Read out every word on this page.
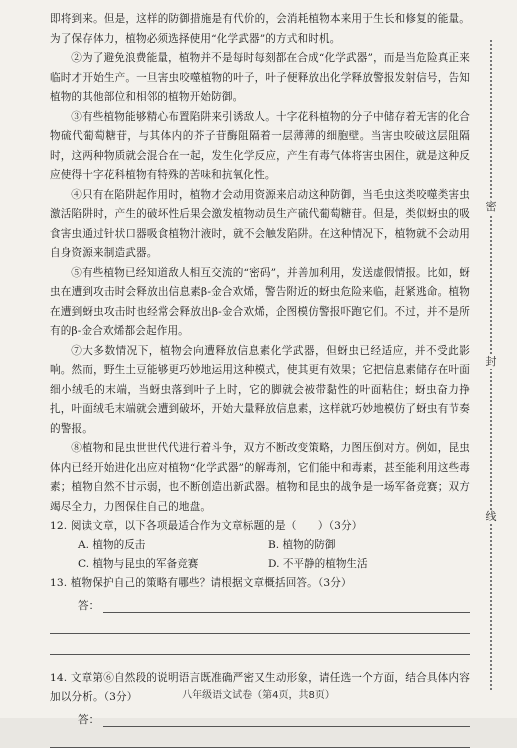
即将到来。但是，这样的防御措施是有代价的，会消耗植物本来用于生长和修复的能量。为了保存体力，植物必须选择使用“化学武器”的方式和时机。

②为了避免浪费能量，植物并不是每时每刻都在合成“化学武器”，而是当危险真正来临时才开始生产。一旦害虫咬噬植物的叶子，叶子便释放出化学释放警报发射信号，告知植物的其他部位和相邻的植物开始防御。

③有些植物能够精心布置陷阱来引诱敌人。十字花科植物的分子中储存着无害的化合物硫代葡萄糖苷，与其体内的芥子苷酶阻隔着一层薄薄的细胞壁。当害虫咬破这层阻隔时，这两种物质就会混合在一起，发生化学反应，产生有毒气体将害虫困住，就是这种反应使得十字花科植物有特殊的苦味和抗氧化性。

④只有在陷阱起作用时，植物才会动用资源来启动这种防御，当毛虫这类咬噬类害虫激活陷阱时，产生的破坏性后果会激发植物动员生产硫代葡萄糖苷。但是，类似蚜虫的吸食害虫通过针状口器吸食植物汁液时，就不会触发陷阱。在这种情况下，植物就不会动用自身资源来制造武器。

⑤有些植物已经知道敌人相互交流的“密码”，并善加利用，发送虚假情报。比如，蚜虫在遭到攻击时会释放出信息素β-金合欢烯，警告附近的蚜虫危险来临，赶紧逃命。植物在遭到蚜虫攻击时也经常会释放出β-金合欢烯，企图模仿警报吓跑它们。不过，并不是所有的β-金合欢烯都会起作用。

⑦大多数情况下，植物会向遭释放信息素化学武器，但蚜虫已经适应，并不受此影响。然而，野生土豆能够更巧妙地运用这种模式，使其更有效果；它把信息素储存在叶面细小绒毛的末端，当蚜虫落到叶子上时，它的脚就会被带黏性的叶面粘住；蚜虫奋力挣扎，叶面绒毛末端就会遭到破坏，开始大量释放信息素，这样就巧妙地模仿了蚜虫有节奏的警报。

⑧植物和昆虫世世代代进行着斗争，双方不断改变策略，力图压倒对方。例如，昆虫体内已经开始进化出应对植物“化学武器”的解毒剂，它们能中和毒素，甚至能利用这些毒素；植物自然不甘示弱，也不断创造出新武器。植物和昆虫的战争是一场军备竞赛；双方竭尽全力，力图保住自己的地盘。

12. 阅读文章，以下各项最适合作为文章标题的是（　　）（3分）

A. 植物的反击	B. 植物的防御
C. 植物与昆虫的军备竞赛	D. 不平静的植物生活

13. 植物保护自己的策略有哪些？请根据文章概括回答。（3分）

答：

14. 文章第⑥自然段的说明语言既准确严密又生动形象，请任选一个方面，结合具体内容加以分析。（3分）

答：
密
封
线
八年级语文试卷（第4页，共8页）
